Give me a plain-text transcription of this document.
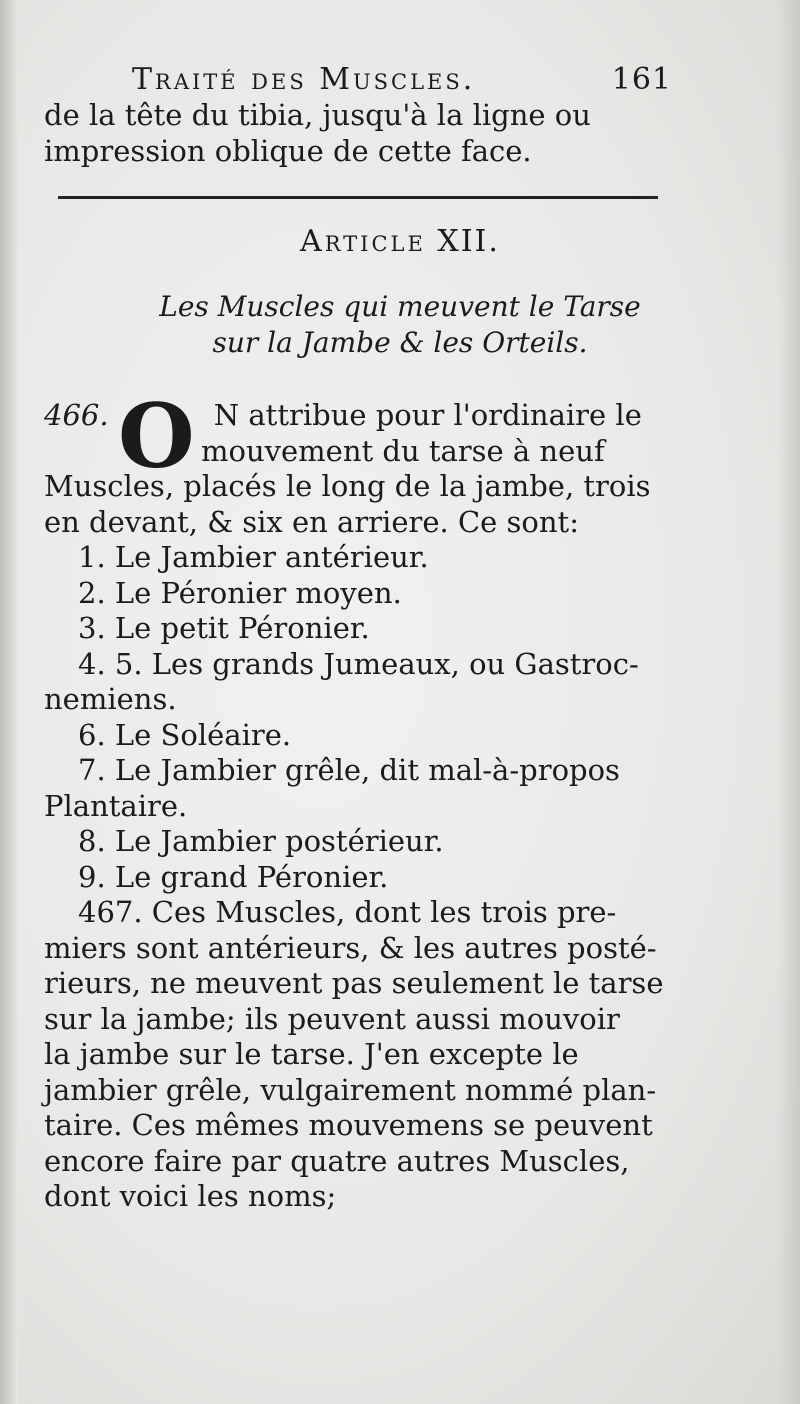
Traité des Muscles.	161
de la tête du tibia, jusqu'à la ligne ou
impression oblique de cette face.
Article XII.
Les Muscles qui meuvent le Tarse
sur la Jambe & les Orteils.
O
466.	N attribue pour l'ordinaire le
mouvement du tarse à neuf
Muscles, placés le long de la jambe, trois
en devant, & six en arriere. Ce sont:
1. Le Jambier antérieur.
2. Le Péronier moyen.
3. Le petit Péronier.
4. 5. Les grands Jumeaux, ou Gastroc-
nemiens.
6. Le Soléaire.
7. Le Jambier grêle, dit mal-à-propos
Plantaire.
8. Le Jambier postérieur.
9. Le grand Péronier.
467. Ces Muscles, dont les trois pre-
miers sont antérieurs, & les autres posté-
rieurs, ne meuvent pas seulement le tarse
sur la jambe; ils peuvent aussi mouvoir
la jambe sur le tarse. J'en excepte le
jambier grêle, vulgairement nommé plan-
taire. Ces mêmes mouvemens se peuvent
encore faire par quatre autres Muscles,
dont voici les noms;
